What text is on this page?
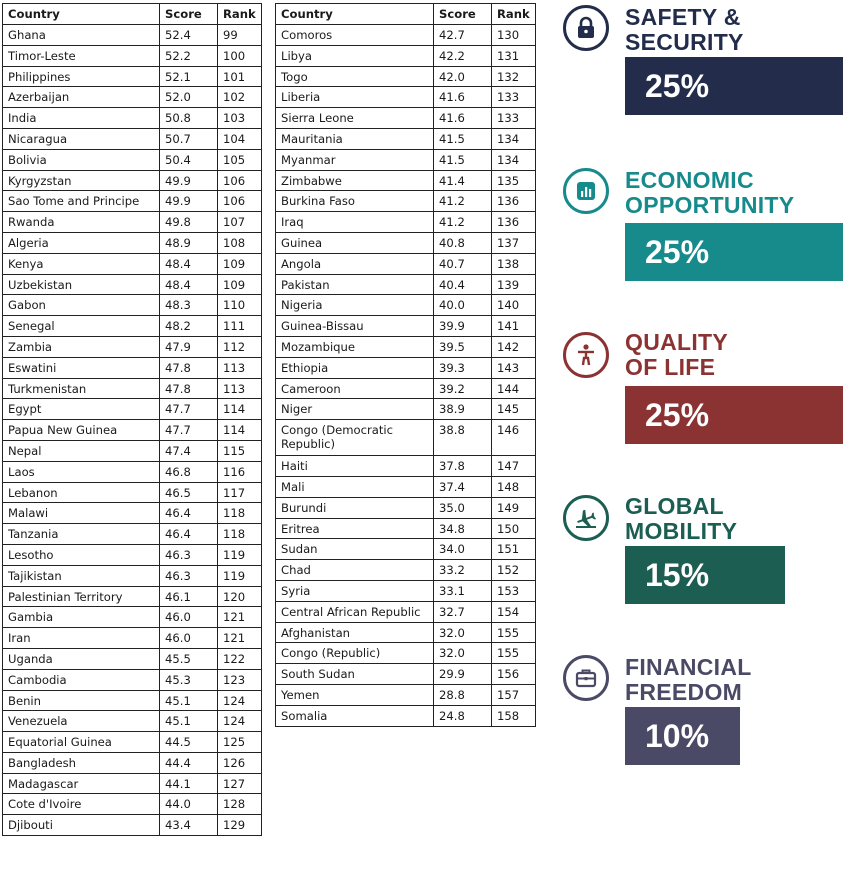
Country	Score	Rank
Ghana	52.4	99
Timor-Leste	52.2	100
Philippines	52.1	101
Azerbaijan	52.0	102
India	50.8	103
Nicaragua	50.7	104
Bolivia	50.4	105
Kyrgyzstan	49.9	106
Sao Tome and Principe	49.9	106
Rwanda	49.8	107
Algeria	48.9	108
Kenya	48.4	109
Uzbekistan	48.4	109
Gabon	48.3	110
Senegal	48.2	111
Zambia	47.9	112
Eswatini	47.8	113
Turkmenistan	47.8	113
Egypt	47.7	114
Papua New Guinea	47.7	114
Nepal	47.4	115
Laos	46.8	116
Lebanon	46.5	117
Malawi	46.4	118
Tanzania	46.4	118
Lesotho	46.3	119
Tajikistan	46.3	119
Palestinian Territory	46.1	120
Gambia	46.0	121
Iran	46.0	121
Uganda	45.5	122
Cambodia	45.3	123
Benin	45.1	124
Venezuela	45.1	124
Equatorial Guinea	44.5	125
Bangladesh	44.4	126
Madagascar	44.1	127
Cote d'Ivoire	44.0	128
Djibouti	43.4	129
Country	Score	Rank
Comoros	42.7	130
Libya	42.2	131
Togo	42.0	132
Liberia	41.6	133
Sierra Leone	41.6	133
Mauritania	41.5	134
Myanmar	41.5	134
Zimbabwe	41.4	135
Burkina Faso	41.2	136
Iraq	41.2	136
Guinea	40.8	137
Angola	40.7	138
Pakistan	40.4	139
Nigeria	40.0	140
Guinea-Bissau	39.9	141
Mozambique	39.5	142
Ethiopia	39.3	143
Cameroon	39.2	144
Niger	38.9	145
Congo (Democratic Republic)	38.8	146
Haiti	37.8	147
Mali	37.4	148
Burundi	35.0	149
Eritrea	34.8	150
Sudan	34.0	151
Chad	33.2	152
Syria	33.1	153
Central African Republic	32.7	154
Afghanistan	32.0	155
Congo (Republic)	32.0	155
South Sudan	29.9	156
Yemen	28.8	157
Somalia	24.8	158
SAFETY &
SECURITY
25%
ECONOMIC
OPPORTUNITY
25%
QUALITY
OF LIFE
25%
GLOBAL
MOBILITY
15%
FINANCIAL
FREEDOM
10%
